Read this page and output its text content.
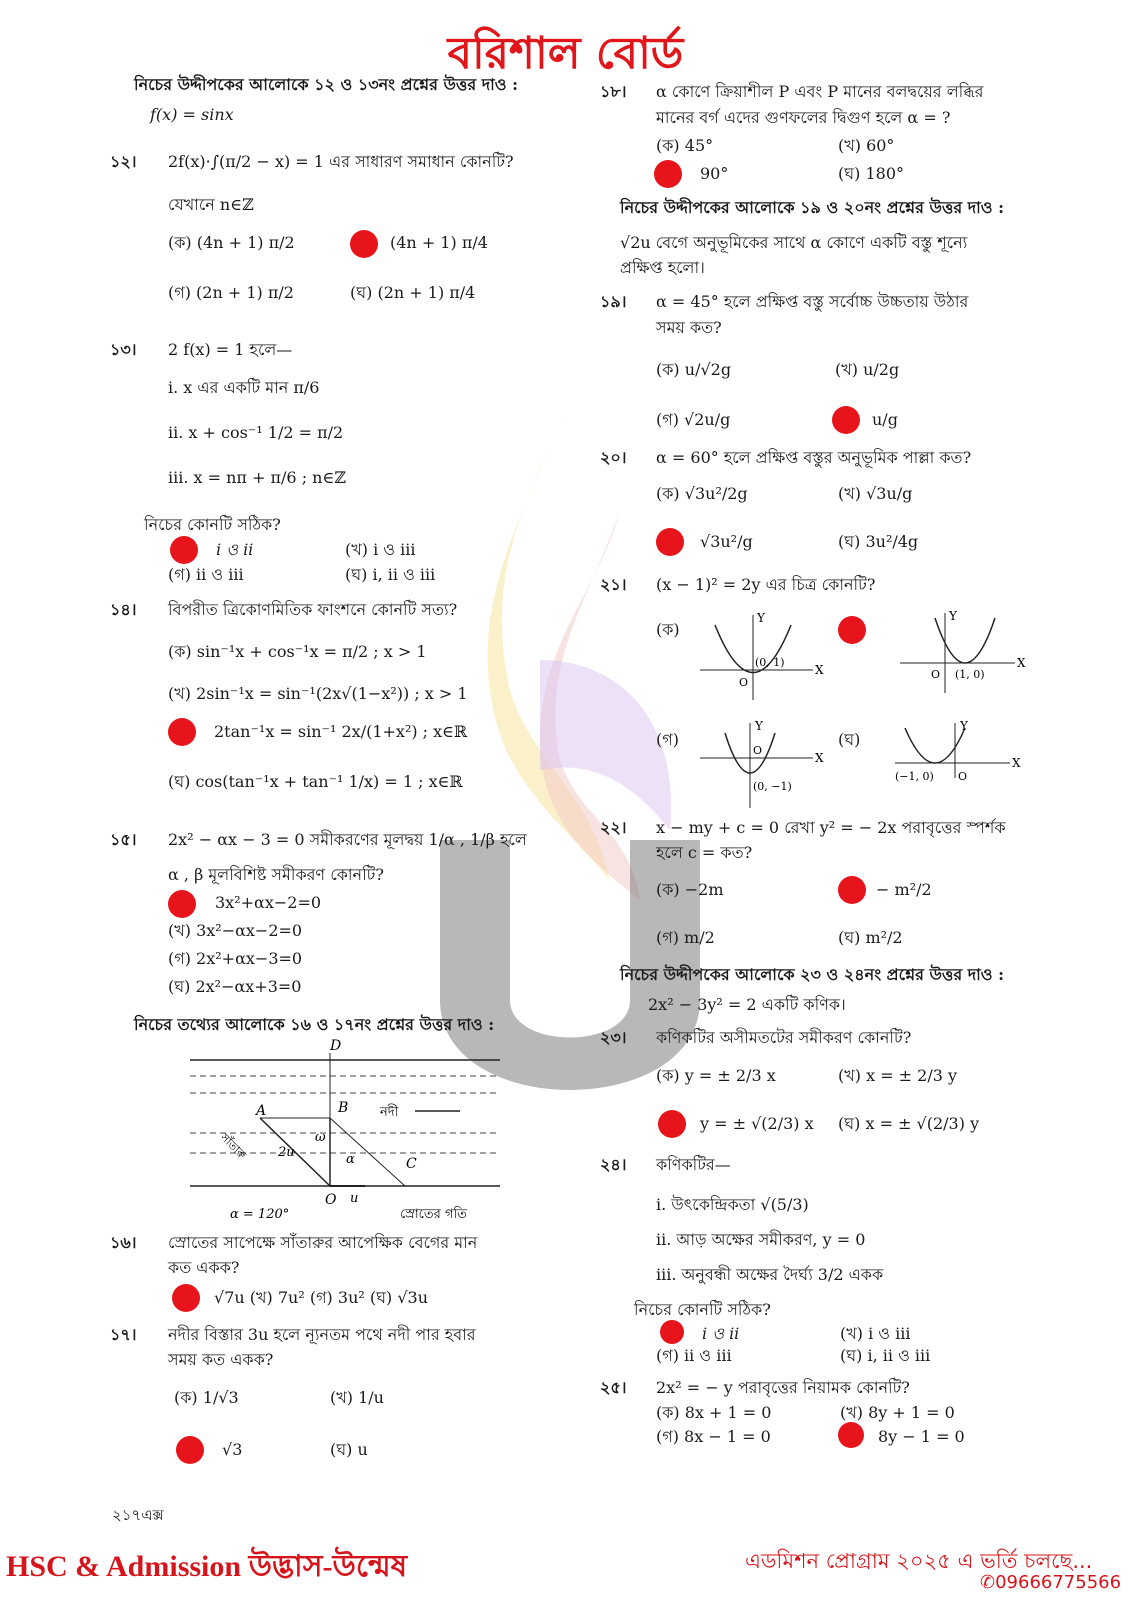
বরিশাল বোর্ড
নিচের উদ্দীপকের আলোকে ১২ ও ১৩নং প্রশ্নের উত্তর দাও :
f(x) = sinx
১২। 2f(x)·∫(π/2 − x) = 1 এর সাধারণ সমাধান কোনটি?
যেখানে n∈ℤ
(ক) (4n + 1) π/2	(4n + 1) π/4
(গ) (2n + 1) π/2	(ঘ) (2n + 1) π/4
১৩। 2 f(x) = 1 হলে—
i. x এর একটি মান π/6
ii. x + cos⁻¹ 1/2 = π/2
iii. x = nπ + π/6 ; n∈ℤ
নিচের কোনটি সঠিক?
i ও ii	(খ) i ও iii
(গ) ii ও iii	(ঘ) i, ii ও iii
১৪। বিপরীত ত্রিকোণমিতিক ফাংশনে কোনটি সত্য?
(ক) sin⁻¹x + cos⁻¹x = π/2 ; x > 1
(খ) 2sin⁻¹x = sin⁻¹(2x√(1−x²)) ; x > 1
2tan⁻¹x = sin⁻¹ 2x/(1+x²) ; x∈ℝ
(ঘ) cos(tan⁻¹x + tan⁻¹ 1/x) = 1 ; x∈ℝ
১৫। 2x² − αx − 3 = 0 সমীকরণের মূলদ্বয় 1/α , 1/β হলে
α , β মূলবিশিষ্ট সমীকরণ কোনটি?
3x²+αx−2=0
(খ) 3x²−αx−2=0
(গ) 2x²+αx−3=0
(ঘ) 2x²−αx+3=0
নিচের তথ্যের আলোকে ১৬ ও ১৭নং প্রশ্নের উত্তর দাও :
D
A	B
C
O
ω
α
2u
u
নদী
সাঁতারু
স্রোতের গতি
α = 120°
১৬। স্রোতের সাপেক্ষে সাঁতারুর আপেক্ষিক বেগের মান
কত একক?
√7u (খ) 7u² (গ) 3u² (ঘ) √3u
১৭। নদীর বিস্তার 3u হলে ন্যূনতম পথে নদী পার হবার
সময় কত একক?
(ক) 1/√3	(খ) 1/u
√3	(ঘ) u
১৮। α কোণে ক্রিয়াশীল P এবং P মানের বলদ্বয়ের লব্ধির
মানের বর্গ এদের গুণফলের দ্বিগুণ হলে α = ?
(ক) 45°	(খ) 60°
90°	(ঘ) 180°
নিচের উদ্দীপকের আলোকে ১৯ ও ২০নং প্রশ্নের উত্তর দাও :
√2u বেগে অনুভূমিকের সাথে α কোণে একটি বস্তু শূন্যে
প্রক্ষিপ্ত হলো।
১৯। α = 45° হলে প্রক্ষিপ্ত বস্তু সর্বোচ্চ উচ্চতায় উঠার
সময় কত?
(ক) u/√2g	(খ) u/2g
(গ) √2u/g	u/g
২০। α = 60° হলে প্রক্ষিপ্ত বস্তুর অনুভূমিক পাল্লা কত?
(ক) √3u²/2g	(খ) √3u/g
√3u²/g	(ঘ) 3u²/4g
২১। (x − 1)² = 2y এর চিত্র কোনটি?
(ক)
(গ)	(ঘ)
Y
X
(0, 1)
O
Y
X
(1, 0)
O
Y
X
(0, −1)
O
Y
X
(−1, 0) O
২২। x − my + c = 0 রেখা y² = − 2x পরাবৃত্তের স্পর্শক
হলে c = কত?
(ক) −2m	− m²/2
(গ) m/2	(ঘ) m²/2
নিচের উদ্দীপকের আলোকে ২৩ ও ২৪নং প্রশ্নের উত্তর দাও :
2x² − 3y² = 2 একটি কণিক।
২৩। কণিকটির অসীমতটের সমীকরণ কোনটি?
(ক) y = ± 2/3 x	(খ) x = ± 2/3 y
y = ± √(2/3) x (ঘ) x = ± √(2/3) y
২৪। কণিকটির—
i. উৎকেন্দ্রিকতা √(5/3)
ii. আড় অক্ষের সমীকরণ, y = 0
iii. অনুবন্ধী অক্ষের দৈর্ঘ্য 3/2 একক
নিচের কোনটি সঠিক?
i ও ii	(খ) i ও iii
(গ) ii ও iii	(ঘ) i, ii ও iii
২৫। 2x² = − y পরাবৃত্তের নিয়ামক কোনটি?
(ক) 8x + 1 = 0	(খ) 8y + 1 = 0
(গ) 8x − 1 = 0	8y − 1 = 0
২১৭এক্স
HSC & Admission উদ্ভাস-উন্মেষ	এডমিশন প্রোগ্রাম ২০২৫ এ ভর্তি চলছে...
✆09666775566
